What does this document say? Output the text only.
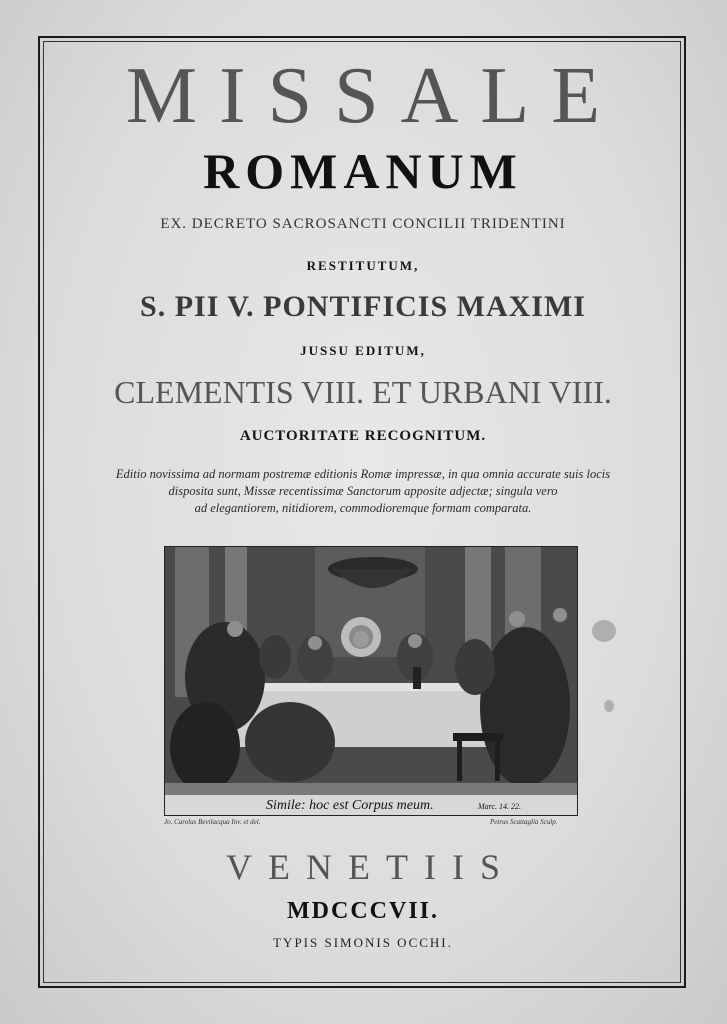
MISSALE
ROMANUM
EX. DECRETO SACROSANCTI CONCILII TRIDENTINI
RESTITUTUM,
S. PII V. PONTIFICIS MAXIMI
JUSSU EDITUM,
CLEMENTIS VIII. ET URBANI VIII.
AUCTORITATE RECOGNITUM.
Editio novissima ad normam postremæ editionis Romæ impressæ, in qua omnia accurate suis locis
disposita sunt, Missæ recentissimæ Sanctorum apposite adjectæ; singula vero
ad elegantiorem, nitidiorem, commodioremque formam comparata.
Simile: hoc est Corpus meum.	Marc. 14. 22.
Jo. Carolus Bevilacqua Inv. et del.	Petrus Scattaglia Sculp.
VENETIIS
MDCCCVII.
TYPIS SIMONIS OCCHI.
